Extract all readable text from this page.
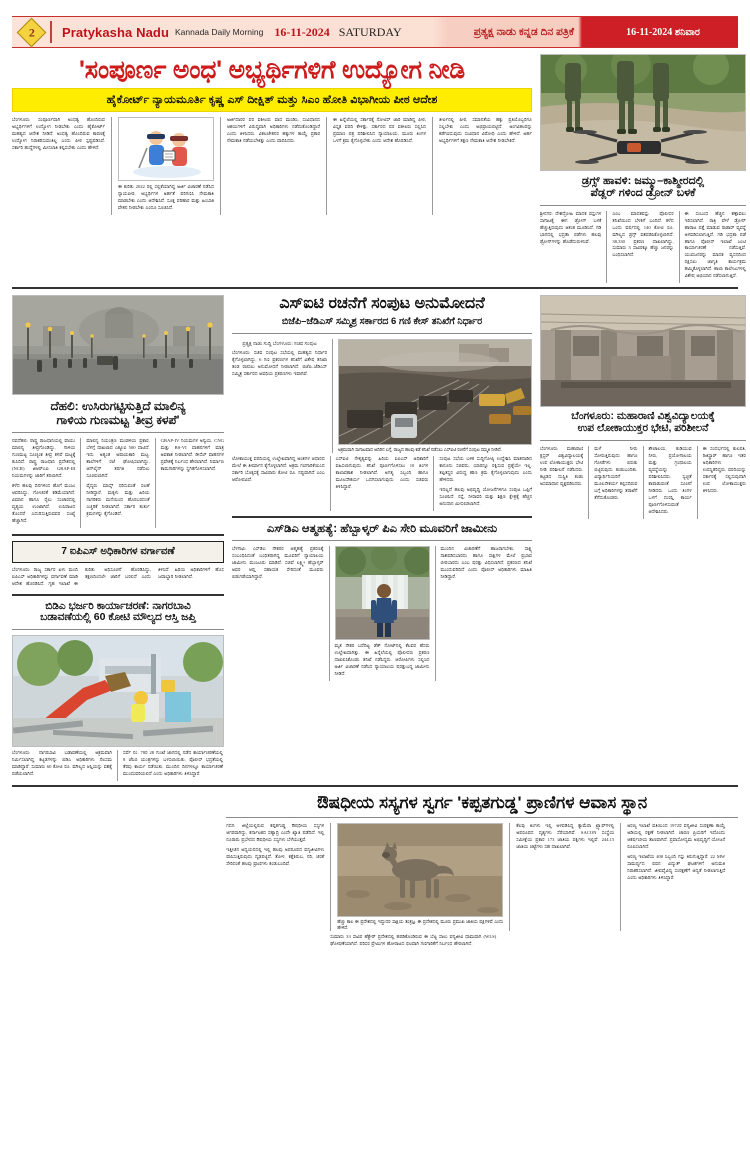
2 Pratykasha Nadu Kannada Daily Morning 16-11-2024 SATURDAY	ಪ್ರತ್ಯಕ್ಷ ನಾಡು ಕನ್ನಡ ದಿನ ಪತ್ರಿಕೆ	16-11-2024
ಶನಿವಾರ
'ಸಂಪೂರ್ಣ ಅಂಧ' ಅಭ್ಯರ್ಥಿಗಳಿಗೆ ಉದ್ಯೋಗ ನೀಡಿ
ಹೈಕೋರ್ಟ್ ನ್ಯಾಯಮೂರ್ತಿ ಕೃಷ್ಣ ಎಸ್ ದೀಕ್ಷಿತ್ ಮತ್ತು ಸಿಎಂ ಹೋತಿ ವಿಭಾಗೀಯ ಪೀಠ ಆದೇಶ

ಬೆಂಗಳೂರು: ಸಂಪೂರ್ಣವಾಗಿ ಅಂಧತ್ವ ಹೊಂದಿರುವ ಅಭ್ಯರ್ಥಿಗಳಿಗೆ ಉದ್ಯೋಗ ನೀಡಬೇಕು ಎಂದು ಹೈಕೋರ್ಟ್ ಮಹತ್ವದ ಆದೇಶ ನೀಡಿದೆ. ಅಂಧತ್ವ ಹೊಂದಿರುವ ಕಾರಣಕ್ಕೆ ಉದ್ಯೋಗ ನಿರಾಕರಿಸುವಂತಿಲ್ಲ ಎಂದು ಪೀಠ ಸ್ಪಷ್ಟಪಡಿಸಿದೆ. ಸರ್ಕಾರಿ ಹುದ್ದೆಗಳಲ್ಲಿ ಮೀಸಲಾತಿ ಕಲ್ಪಿಸಬೇಕು ಎಂದು ಹೇಳಿದೆ.

ಈ ಕುರಿತು 2022 ರಲ್ಲಿ ಸಲ್ಲಿಕೆಯಾಗಿದ್ದ ಅರ್ಜಿ ವಿಚಾರಣೆ ನಡೆಸಿದ ನ್ಯಾಯಪೀಠ, ಅಭ್ಯರ್ಥಿಗಳ ಅರ್ಹತೆ ಪರಿಗಣಿಸಿ ನೇಮಕಾತಿ ಮಾಡಬೇಕು ಎಂದು ಆದೇಶಿಸಿದೆ. ಸೂಕ್ತ ಪರಿಹಾರ ಮತ್ತು ಹಿಂಬಾಕಿ ವೇತನ ನೀಡಬೇಕು ಎಂದೂ ಸೂಚಿಸಿದೆ.

ಅರ್ಜಿದಾರರ ಪರ ವಕೀಲರು ವಾದ ಮಂಡಿಸಿ, ಸಂವಿಧಾನದ ಆಶಯಗಳಿಗೆ ವಿರುದ್ಧವಾಗಿ ಅಧಿಕಾರಿಗಳು ನಡೆದುಕೊಂಡಿದ್ದಾರೆ ಎಂದು ತಿಳಿಸಿದರು. ವಿಕಲಚೇತನರ ಹಕ್ಕುಗಳ ಕಾಯ್ದೆ ಪ್ರಕಾರ ನೇಮಕಾತಿ ನಡೆಯಬೇಕಿತ್ತು ಎಂದು ವಾದಿಸಿದರು.

ಈ ಹಿನ್ನೆಲೆಯಲ್ಲಿ ಸರ್ಕಾರಕ್ಕೆ ನೋಟಿಸ್ ಜಾರಿ ಮಾಡಿದ್ದ ಪೀಠ, ವಿಸ್ತೃತ ವರದಿ ಕೇಳಿತ್ತು. ಸರ್ಕಾರದ ಪರ ವಕೀಲರು ಸಲ್ಲಿಸಿದ ಪ್ರಮಾಣ ಪತ್ರ ಪರಿಶೀಲಿಸಿದ ನ್ಯಾಯಾಲಯ, ಮೂರು ತಿಂಗಳ ಒಳಗೆ ಕ್ರಮ ಕೈಗೊಳ್ಳಬೇಕು ಎಂದು ಆದೇಶ ಹೊರಡಿಸಿದೆ.

ತೀರ್ಪಿನಲ್ಲಿ ಪೀಠ, ಸಮಾನತೆಯ ಹಕ್ಕು ಪ್ರತಿಯೊಬ್ಬರಿಗೂ ಸಲ್ಲಬೇಕು ಎಂದು ಅಭಿಪ್ರಾಯಪಟ್ಟಿದೆ. ಅಂಗವಿಕಲರನ್ನು ಕಡೆಗಣಿಸುವುದು ಸಂವಿಧಾನ ವಿರೋಧಿ ಎಂದು ಹೇಳಿದೆ. ಅರ್ಹ ಅಭ್ಯರ್ಥಿಗಳಿಗೆ ತಕ್ಷಣ ನೇಮಕಾತಿ ಆದೇಶ ನೀಡಬೇಕಿದೆ.

ಡ್ರಗ್ಸ್ ಹಾವಳಿ: ಜಮ್ಮು–ಕಾಶ್ಮೀರದಲ್ಲಿ
ಪೆಡ್ಲರ್ ಗಳಿಂದ ಡ್ರೋನ್ ಬಳಕೆ

ಶ್ರೀನಗರ: ದೇಶದ್ರೋಹಿ ಮಾದಕ ವಸ್ತುಗಳ ಸಾಗಾಟಕ್ಕೆ ಈಗ ಡ್ರೋನ್ ಬಳಕೆ ಹೆಚ್ಚುತ್ತಿರುವುದು ಆತಂಕ ಮೂಡಿಸಿದೆ. ಗಡಿ ಭಾಗದಲ್ಲಿ ಭದ್ರತಾ ಪಡೆಗಳು ಹಲವು ಡ್ರೋನ್‌ಗಳನ್ನು ಹೊಡೆದುರುಳಿಸಿವೆ.

ಎಂಬ ಮಾದಕವಸ್ತು ಪೊಲೀಸರ ತನಿಖೆಯಿಂದ ಬೆಳಕಿಗೆ ಬಂದಿದೆ. ಕಳೆದ ಒಂದು ವರ್ಷದಲ್ಲಿ 140 ಕೋಟಿ ರೂ. ಮೌಲ್ಯದ ಡ್ರಗ್ಸ್ ವಶಪಡಿಸಿಕೊಳ್ಳಲಾಗಿದೆ. 38,330 ಪ್ರಕರಣ ದಾಖಲಾಗಿದ್ದು, ಸುಮಾರು 3 ಸಾವಿರಕ್ಕೂ ಹೆಚ್ಚು ಜನರನ್ನು ಬಂಧಿಸಲಾಗಿದೆ.

ಈ ಸಂಬಂಧ ಹೆಚ್ಚಿನ ಕಣ್ಗಾವಲು ಇರಿಸಲಾಗಿದೆ. ರಾತ್ರಿ ವೇಳೆ ಡ್ರೋನ್ ಹಾರಾಟ ಪತ್ತೆ ಮಾಡುವ ರಾಡಾರ್ ವ್ಯವಸ್ಥೆ ಅಳವಡಿಸಲಾಗುತ್ತಿದೆ. ಗಡಿ ಭದ್ರತಾ ಪಡೆ ಹಾಗೂ ಪೊಲೀಸ್ ಇಲಾಖೆ ಜಂಟಿ ಕಾರ್ಯಾಚರಣೆ ನಡೆಸುತ್ತಿವೆ. ಯುವಜನರನ್ನು ಮಾದಕ ವ್ಯಸನದಿಂದ ರಕ್ಷಿಸಲು ಜಾಗೃತಿ ಕಾರ್ಯಕ್ರಮ ಹಮ್ಮಿಕೊಳ್ಳಲಾಗಿದೆ. ಶಾಲಾ ಕಾಲೇಜುಗಳಲ್ಲಿ ವಿಶೇಷ ಅಭಿಯಾನ ನಡೆಸಲಾಗುತ್ತಿದೆ.

ದೆಹಲಿ: ಉಸಿರುಗಟ್ಟಿಸುತ್ತಿದೆ ಮಾಲಿನ್ಯ
ಗಾಳಿಯ ಗುಣಮಟ್ಟ 'ತೀವ್ರ ಕಳಪೆ'

ನವದೆಹಲಿ: ರಾಷ್ಟ್ರ ರಾಜಧಾನಿಯಲ್ಲಿ ವಾಯು ಮಾಲಿನ್ಯ ತೀವ್ರಗೊಂಡಿದ್ದು, ಗಾಳಿಯ ಗುಣಮಟ್ಟ ಸೂಚ್ಯಂಕ ತೀವ್ರ ಕಳಪೆ ಮಟ್ಟಕ್ಕೆ ಕುಸಿದಿದೆ. ರಾಷ್ಟ್ರ ರಾಜಧಾನಿ ಪ್ರದೇಶದಲ್ಲಿ (NCR) ಜಿಆರ್‌ಎಪಿ GRAP-III ನಿಯಮಗಳನ್ನು ಜಾರಿಗೆ ತರಲಾಗಿದೆ.

ಕಳೆದ ಹಲವು ದಿನಗಳಿಂದ ಹೊಗೆ ಮಂಜು ಆವರಿಸಿದ್ದು, ಗೋಚರತೆ ಕಡಿಮೆಯಾಗಿದೆ. ವಿಮಾನ ಹಾಗೂ ರೈಲು ಸಂಚಾರದಲ್ಲಿ ವ್ಯತ್ಯಯ ಉಂಟಾಗಿದೆ. ಉಸಿರಾಟದ ತೊಂದರೆ ಎದುರಿಸುತ್ತಿರುವವರ ಸಂಖ್ಯೆ ಹೆಚ್ಚಾಗಿದೆ.

ಮಾಲಿನ್ಯ ನಿಯಂತ್ರಣ ಮಂಡಳಿಯ ಪ್ರಕಾರ, ಬೆಳಗ್ಗೆ ದಾಖಲಾದ ಎಕ್ಯೂಐ 500 ದಾಟಿದೆ. ಇದು ಅತ್ಯಂತ ಅಪಾಯಕಾರಿ ಮಟ್ಟ. ಶಾಲೆಗಳಿಗೆ ರಜೆ ಘೋಷಿಸಲಾಗಿದ್ದು, ಆನ್‌ಲೈನ್ ತರಗತಿ ನಡೆಸಲು ಸೂಚಿಸಲಾಗಿದೆ.

ವೈದ್ಯರು ಮಾಸ್ಕ್ ಧರಿಸುವಂತೆ ಸಲಹೆ ನೀಡಿದ್ದಾರೆ. ಮಕ್ಕಳು ಮತ್ತು ಹಿರಿಯ ನಾಗರಿಕರು ಮನೆಯಿಂದ ಹೊರಬರದಂತೆ ಎಚ್ಚರಿಕೆ ನೀಡಲಾಗಿದೆ. ಸರ್ಕಾರ ತುರ್ತು ಕ್ರಮಗಳನ್ನು ಕೈಗೊಂಡಿದೆ.

GRAP-IV ನಿಯಮಗಳ ಅನ್ವಯ, CNG ಮತ್ತು BS-VI ವಾಹನಗಳಿಗೆ ಮಾತ್ರ ಅವಕಾಶ ನೀಡಲಾಗಿದೆ. ಡೀಸೆಲ್ ವಾಹನಗಳ ಪ್ರವೇಶಕ್ಕೆ ನಿರ್ಬಂಧ ಹೇರಲಾಗಿದೆ. ನಿರ್ಮಾಣ ಕಾಮಗಾರಿಗಳನ್ನು ಸ್ಥಗಿತಗೊಳಿಸಲಾಗಿದೆ.

7 ಐಪಿಎಸ್ ಅಧಿಕಾರಿಗಳ ವರ್ಗಾವಣೆ

ಬೆಂಗಳೂರು: ರಾಜ್ಯ ಸರ್ಕಾರ ಏಳು ಮಂದಿ ಐಪಿಎಸ್ ಅಧಿಕಾರಿಗಳನ್ನು ವರ್ಗಾವಣೆ ಮಾಡಿ ಆದೇಶ ಹೊರಡಿಸಿದೆ. ಗೃಹ ಇಲಾಖೆ ಈ ಕುರಿತು ಅಧಿಸೂಚನೆ ಹೊರಡಿಸಿದ್ದು, ತಕ್ಷಣದಿಂದಲೇ ಜಾರಿಗೆ ಬರಲಿದೆ ಎಂದು ತಿಳಿಸಿದೆ. ಹಿರಿಯ ಅಧಿಕಾರಿಗಳಿಗೆ ಹೊಸ ಜವಾಬ್ದಾರಿ ನೀಡಲಾಗಿದೆ.

ಬಿಡಿಎ ಭರ್ಜರಿ ಕಾರ್ಯಾಚರಣೆ: ನಾಗರಬಾವಿ
ಬಡಾವಣೆಯಲ್ಲಿ 60 ಕೋಟಿ ಮೌಲ್ಯದ ಆಸ್ತಿ ಜಪ್ತಿ

ಬೆಂಗಳೂರು: ನಾಗರಬಾವಿ ಬಡಾವಣೆಯಲ್ಲಿ ಅಕ್ರಮವಾಗಿ ನಿರ್ಮಿಸಲಾಗಿದ್ದ ಕಟ್ಟಡಗಳನ್ನು ಬಿಡಿಎ ಅಧಿಕಾರಿಗಳು ನೆಲಸಮ ಮಾಡಿದ್ದಾರೆ. ಸುಮಾರು 60 ಕೋಟಿ ರೂ. ಮೌಲ್ಯದ ಆಸ್ತಿಯನ್ನು ವಶಕ್ಕೆ ಪಡೆಯಲಾಗಿದೆ.

ಸರ್ವೆ ನಂ. 78ರ 28 ಗುಂಟೆ ಜಾಗದಲ್ಲಿ ನಡೆದ ಕಾರ್ಯಾಚರಣೆಯಲ್ಲಿ 8 ಜೆಸಿಬಿ ಯಂತ್ರಗಳನ್ನು ಬಳಸಲಾಯಿತು. ಪೊಲೀಸ್ ಭದ್ರತೆಯಲ್ಲಿ ತೆರವು ಕಾರ್ಯ ನಡೆಯಿತು. ಮುಂದಿನ ದಿನಗಳಲ್ಲೂ ಕಾರ್ಯಾಚರಣೆ ಮುಂದುವರಿಯಲಿದೆ ಎಂದು ಅಧಿಕಾರಿಗಳು ತಿಳಿಸಿದ್ದಾರೆ.

ಎಸ್‌ಐಟಿ ರಚನೆಗೆ ಸಂಪುಟ ಅನುಮೋದನೆ
ಬಿಜೆಪಿ–ಜೆಡಿಎಸ್ ಸಮ್ಮಿಶ್ರ ಸರ್ಕಾರದ 6 ಗಣಿ ಕೇಸ್ ತನಿಖೆಗೆ ನಿರ್ಧಾರ
ಪ್ರತ್ಯಕ್ಷ ನಾಡು ಸುದ್ದಿ ಬೆಂಗಳೂರು: ಸಚಿವ ಸಂಪುಟ

ಬೆಂಗಳೂರು: ಸಚಿವ ಸಂಪುಟ ಸಭೆಯಲ್ಲಿ ಮಹತ್ವದ ನಿರ್ಧಾರ ಕೈಗೊಳ್ಳಲಾಗಿದ್ದು, 6 ಗಣಿ ಪ್ರಕರಣಗಳ ತನಿಖೆಗೆ ವಿಶೇಷ ತನಿಖಾ ತಂಡ ರಚಿಸಲು ಅನುಮೋದನೆ ನೀಡಲಾಗಿದೆ. ಬಿಜೆಪಿ–ಜೆಡಿಎಸ್ ಸಮ್ಮಿಶ್ರ ಸರ್ಕಾರದ ಅವಧಿಯ ಪ್ರಕರಣಗಳು ಇವಾಗಿವೆ.

ಅಕ್ರಮವಾಗಿ ಸಾಗಾಟವಾದ ಅದಿರಿನ ಬಗ್ಗೆ, ರಾಜ್ಯದ ಹಲವು ಕಡೆ ತನಿಖೆ ನಡೆಸಲು ಎಸ್‌ಐಟಿ ರಚನೆಗೆ ಸಂಪುಟ ಸಮ್ಮತಿ ನೀಡಿದೆ.

ಲೋಕಾಯುಕ್ತ ವರದಿಯಲ್ಲಿ ಉಲ್ಲೇಖವಾಗಿದ್ದ ಅಂಶಗಳ ಆಧಾರದ ಮೇಲೆ ಈ ತೀರ್ಮಾನ ಕೈಗೊಳ್ಳಲಾಗಿದೆ. ಅಕ್ರಮ ಗಣಿಗಾರಿಕೆಯಿಂದ ಸರ್ಕಾರಿ ಬೊಕ್ಕಸಕ್ಕೆ ಸಾವಿರಾರು ಕೋಟಿ ರೂ. ನಷ್ಟವಾಗಿದೆ ಎಂಬ ಆರೋಪವಿದೆ.

ಎಸ್‌ಐಟಿ ನೇತೃತ್ವವನ್ನು ಹಿರಿಯ ಐಪಿಎಸ್ ಅಧಿಕಾರಿಗೆ ವಹಿಸಲಾಗುವುದು. ತನಿಖೆ ಪೂರ್ಣಗೊಳಿಸಲು 10 ತಿಂಗಳ ಕಾಲಾವಕಾಶ ನೀಡಲಾಗಿದೆ. ಅಗತ್ಯ ಸಿಬ್ಬಂದಿ ಹಾಗೂ ಮೂಲಸೌಕರ್ಯ ಒದಗಿಸಲಾಗುವುದು ಎಂದು ಸಚಿವರು ತಿಳಿಸಿದ್ದಾರೆ.

ಸಂಪುಟ ಸಭೆಯ ಬಳಿಕ ಸುದ್ದಿಗೋಷ್ಠಿ ಉದ್ದೇಶಿಸಿ ಮಾತನಾಡಿದ ಕಾನೂನು ಸಚಿವರು, ಯಾರನ್ನೂ ರಕ್ಷಿಸುವ ಪ್ರಶ್ನೆಯೇ ಇಲ್ಲ. ತಪ್ಪಿತಸ್ಥರ ವಿರುದ್ಧ ಕಠಿಣ ಕ್ರಮ ಕೈಗೊಳ್ಳಲಾಗುವುದು ಎಂದು ಹೇಳಿದರು.

ಇದಲ್ಲದೆ ಹಲವು ಅಭಿವೃದ್ಧಿ ಯೋಜನೆಗಳಿಗೂ ಸಂಪುಟ ಒಪ್ಪಿಗೆ ಸೂಚಿಸಿದೆ. ರಸ್ತೆ, ನೀರಾವರಿ ಮತ್ತು ಶಿಕ್ಷಣ ಕ್ಷೇತ್ರಕ್ಕೆ ಹೆಚ್ಚಿನ ಅನುದಾನ ಮೀಸಲಿಡಲಾಗಿದೆ.

ಎಸ್‌ಡಿಎ ಆತ್ಮಹತ್ಯೆ: ಹೆಬ್ಬಾಳ್ಕರ್ ಪಿಎ ಸೇರಿ ಮೂವರಿಗೆ ಜಾಮೀನು

ಬೆಳಗಾವಿ: ಎಸ್‌ಡಿಎ ನೌಕರರ ಆತ್ಮಹತ್ಯೆ ಪ್ರಕರಣಕ್ಕೆ ಸಂಬಂಧಿಸಿದಂತೆ ಬಂಧಿತರಾಗಿದ್ದ ಮೂವರಿಗೆ ನ್ಯಾಯಾಲಯ ಜಾಮೀನು ಮಂಜೂರು ಮಾಡಿದೆ. ಸಚಿವೆ ಲಕ್ಷ್ಮೀ ಹೆಬ್ಬಾಳ್ಕರ್ ಅವರ ಆಪ್ತ ಸಹಾಯಕ ಸೇರಿದಂತೆ ಮೂವರು ಬಿಡುಗಡೆಯಾಗಿದ್ದಾರೆ.

ಮೃತ ನೌಕರ ಬರೆದಿಟ್ಟ ಡೆತ್ ನೋಟ್‌ನಲ್ಲಿ ಕೆಲವರ ಹೆಸರು ಉಲ್ಲೇಖವಾಗಿತ್ತು. ಈ ಹಿನ್ನೆಲೆಯಲ್ಲಿ ಪೊಲೀಸರು ಪ್ರಕರಣ ದಾಖಲಿಸಿಕೊಂಡು ತನಿಖೆ ನಡೆಸಿದ್ದರು. ಆರೋಪಿಗಳು ಸಲ್ಲಿಸಿದ ಅರ್ಜಿ ವಿಚಾರಣೆ ನಡೆಸಿದ ನ್ಯಾಯಾಲಯ ಷರತ್ತುಬದ್ಧ ಜಾಮೀನು ನೀಡಿದೆ.

ಮುಂದಿನ ವಿಚಾರಣೆಗೆ ಹಾಜರಾಗಬೇಕು, ಸಾಕ್ಷ್ಯ ನಾಶಪಡಿಸಬಾರದು ಹಾಗೂ ಸಾಕ್ಷಿಗಳ ಮೇಲೆ ಪ್ರಭಾವ ಬೀರಬಾರದು ಎಂಬ ಷರತ್ತು ವಿಧಿಸಲಾಗಿದೆ. ಪ್ರಕರಣದ ತನಿಖೆ ಮುಂದುವರಿದಿದೆ ಎಂದು ಪೊಲೀಸ್ ಅಧಿಕಾರಿಗಳು ಮಾಹಿತಿ ನೀಡಿದ್ದಾರೆ.

ಬೆಂಗಳೂರು: ಮಹಾರಾಣಿ ವಿಶ್ವವಿದ್ಯಾಲಯಕ್ಕೆ
ಉಪ ಲೋಕಾಯುಕ್ತರ ಭೇಟಿ, ಪರಿಶೀಲನೆ

ಬೆಂಗಳೂರು: ಮಹಾರಾಣಿ ಕ್ಲಸ್ಟರ್ ವಿಶ್ವವಿದ್ಯಾಲಯಕ್ಕೆ ಉಪ ಲೋಕಾಯುಕ್ತರು ಭೇಟಿ ನೀಡಿ ಪರಿಶೀಲನೆ ನಡೆಸಿದರು. ಕಟ್ಟಡದ ದುಸ್ಥಿತಿ ಕಂಡು ಅಸಮಾಧಾನ ವ್ಯಕ್ತಪಡಿಸಿದರು.

ಮಳೆ ನೀರು ಸೋರುತ್ತಿರುವುದು ಹಾಗೂ ಗೋಡೆಗಳು ಬಿರುಕು ಬಿಟ್ಟಿರುವುದು ಕಂಡುಬಂದಿತು. ವಿದ್ಯಾರ್ಥಿನಿಯರಿಗೆ ಮೂಲಸೌಕರ್ಯ ಕಲ್ಪಿಸದಿರುವ ಬಗ್ಗೆ ಅಧಿಕಾರಿಗಳನ್ನು ತರಾಟೆಗೆ ತೆಗೆದುಕೊಂಡರು.

ಶೌಚಾಲಯ, ಕುಡಿಯುವ ನೀರು, ಪ್ರಯೋಗಾಲಯ ಮತ್ತು ಗ್ರಂಥಾಲಯ ವ್ಯವಸ್ಥೆಯನ್ನು ಪರಿಶೀಲಿಸಿದರು. ಸ್ವಚ್ಛತೆ ಕಾಪಾಡುವಂತೆ ಸೂಚನೆ ನೀಡಿದರು. ಒಂದು ತಿಂಗಳ ಒಳಗೆ ದುರಸ್ತಿ ಕಾರ್ಯ ಪೂರ್ಣಗೊಳಿಸುವಂತೆ ಆದೇಶಿಸಿದರು.

ಈ ಸಂದರ್ಭದಲ್ಲಿ ಕುಲಪತಿ, ರಿಜಿಸ್ಟ್ರಾರ್ ಹಾಗೂ ಇತರ ಅಧಿಕಾರಿಗಳು ಉಪಸ್ಥಿತರಿದ್ದರು. ವರದಿಯನ್ನು ಸರ್ಕಾರಕ್ಕೆ ಸಲ್ಲಿಸುವುದಾಗಿ ಉಪ ಲೋಕಾಯುಕ್ತರು ತಿಳಿಸಿದರು.

ಔಷಧೀಯ ಸಸ್ಯಗಳ ಸ್ವರ್ಗ 'ಕಪ್ಪತಗುಡ್ಡ' ಪ್ರಾಣಿಗಳ ಆವಾಸ ಸ್ಥಾನ

ಗದಗ: ಜಿಲ್ಲೆಯಲ್ಲಿರುವ ಕಪ್ಪತಗುಡ್ಡ ಔಷಧೀಯ ಸಸ್ಯಗಳ ಆಗರವಾಗಿದ್ದು, ಕರ್ನಾಟಕದ ಸಹ್ಯಾದ್ರಿ ಎಂದೇ ಖ್ಯಾತಿ ಪಡೆದಿದೆ. ಇಲ್ಲಿ ನೂರಾರು ಪ್ರಭೇದದ ಔಷಧೀಯ ಸಸ್ಯಗಳು ಬೆಳೆಯುತ್ತವೆ.

ಇತ್ತೀಚಿನ ಅಧ್ಯಯನದಲ್ಲಿ ಇಲ್ಲಿ ಹಲವು ಅಪರೂಪದ ವನ್ಯಜೀವಿಗಳು ವಾಸಿಸುತ್ತಿರುವುದು ದೃಢಪಟ್ಟಿದೆ. ತೋಳ, ಕತ್ತೆಕಿರುಬ, ನರಿ, ಚಿರತೆ ಸೇರಿದಂತೆ ಹಲವು ಪ್ರಾಣಿಗಳು ಕಂಡುಬಂದಿವೆ.

ಹೆಚ್ಚು ಕಾಲ ಈ ಪ್ರದೇಶದಲ್ಲಿ ಇದ್ದುದರ ಸಾಕ್ಷಿಯ ತಂತ್ರಜ್ಞ. ಈ ಪ್ರದೇಶದಲ್ಲಿ ಮೂರು ಪ್ರಮುಖ ಜಾತಿಯ ಪಕ್ಷಿಗಳಿವೆ ಎಂದು ಹೇಳಿದೆ.

ಕೆಲವು ತಿಂಗಳು ಇಲ್ಲಿ ಅಳವಡಿಸಿದ್ದ ಕ್ಯಾಮೆರಾ ಟ್ರ್ಯಾಪ್‌ಗಳಲ್ಲಿ ಅಪರೂಪದ ದೃಶ್ಯಗಳು ಸೆರೆಯಾಗಿವೆ. SACON ಸಂಸ್ಥೆಯ ಸಮೀಕ್ಷೆಯ ಪ್ರಕಾರ 173 ಜಾತಿಯ ಪಕ್ಷಿಗಳು ಇಲ್ಲಿವೆ. 244.15 ಜಾತಿಯ ಚಿಟ್ಟೆಗಳು ಸಹ ದಾಖಲಾಗಿವೆ.

ಅರಣ್ಯ ಇಲಾಖೆ ವತಿಯಿಂದ 1972ರ ವನ್ಯಜೀವಿ ಸಂರಕ್ಷಣಾ ಕಾಯ್ದೆ ಅಡಿಯಲ್ಲಿ ರಕ್ಷಣೆ ನೀಡಲಾಗಿದೆ. ಚಾರಣ ಪ್ರಿಯರಿಗೆ ಇದೊಂದು ಆಕರ್ಷಣೀಯ ತಾಣವಾಗಿದೆ. ಪ್ರವಾಸೋದ್ಯಮ ಅಭಿವೃದ್ಧಿಗೆ ಯೋಜನೆ ರೂಪಿಸಲಾಗಿದೆ.

ಅರಣ್ಯ ಇಲಾಖೆಯ 400 ಸಿಬ್ಬಂದಿ ಗಸ್ತು ತಿರುಗುತ್ತಿದ್ದಾರೆ. 22 MW ಸಾಮರ್ಥ್ಯದ ಪವನ ವಿದ್ಯುತ್ ಘಟಕಗಳಿಗೆ ಅನುಮತಿ ನಿರಾಕರಿಸಲಾಗಿದೆ. ಜೀವವೈವಿಧ್ಯ ಸಂರಕ್ಷಣೆಗೆ ಆದ್ಯತೆ ನೀಡಲಾಗುತ್ತಿದೆ ಎಂದು ಅಧಿಕಾರಿಗಳು ತಿಳಿಸಿದ್ದಾರೆ.

ಸುಮಾರು 33 ಸಾವಿರ ಹೆಕ್ಟೇರ್ ಪ್ರದೇಶದಲ್ಲಿ ಹರಡಿಕೊಂಡಿರುವ ಈ ಬೆಟ್ಟ ಸಾಲು ವನ್ಯಜೀವಿ ಧಾಮವಾಗಿ (WLS) ಘೋಷಣೆಯಾಗಿದೆ. ಪರಿಸರ ಪ್ರೇಮಿಗಳ ಹೋರಾಟದ ಫಲವಾಗಿ ಗಣಿಗಾರಿಕೆಗೆ ನಿರ್ಬಂಧ ಹೇರಲಾಗಿದೆ.
